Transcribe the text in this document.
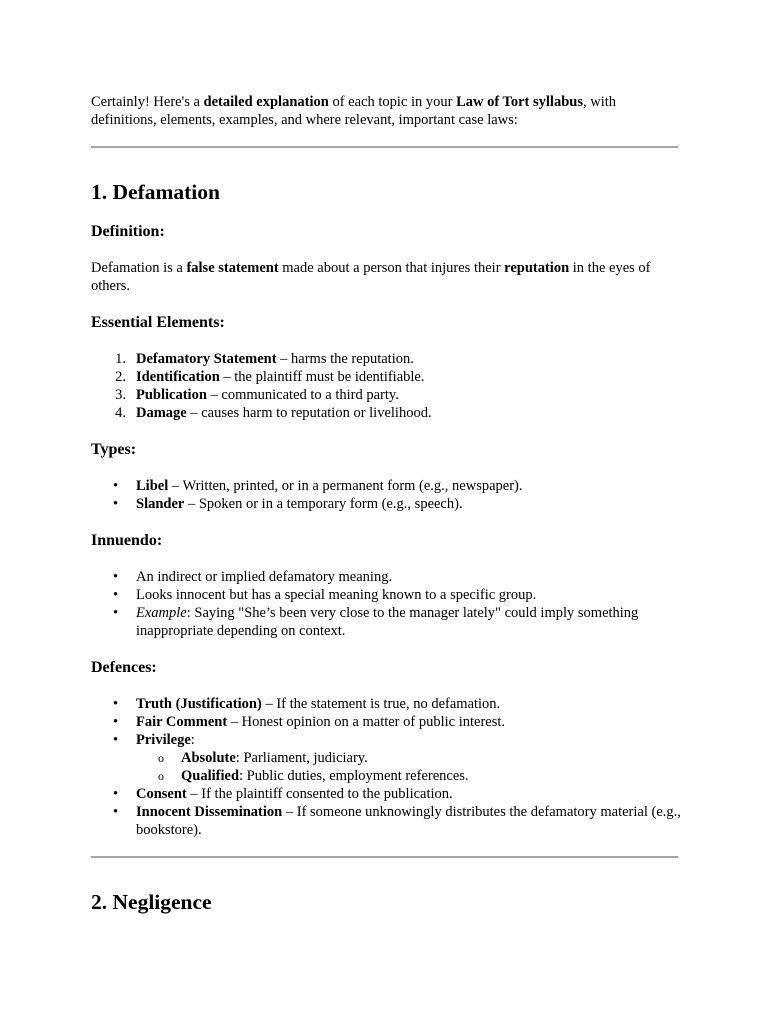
Certainly! Here's a detailed explanation of each topic in your Law of Tort syllabus, with definitions, elements, examples, and where relevant, important case laws:

1. Defamation
Definition:

Defamation is a false statement made about a person that injures their reputation in the eyes of others.

Essential Elements:
1. Defamatory Statement – harms the reputation.
2. Identification – the plaintiff must be identifiable.
3. Publication – communicated to a third party.
4. Damage – causes harm to reputation or livelihood.
Types:
• Libel – Written, printed, or in a permanent form (e.g., newspaper).
• Slander – Spoken or in a temporary form (e.g., speech).
Innuendo:
• An indirect or implied defamatory meaning.
• Looks innocent but has a special meaning known to a specific group.
• Example: Saying "She’s been very close to the manager lately" could imply something inappropriate depending on context.
Defences:
• Truth (Justification) – If the statement is true, no defamation.
• Fair Comment – Honest opinion on a matter of public interest.
• Privilege:
o Absolute: Parliament, judiciary.
o Qualified: Public duties, employment references.
• Consent – If the plaintiff consented to the publication.
• Innocent Dissemination – If someone unknowingly distributes the defamatory material (e.g., bookstore).
2. Negligence
